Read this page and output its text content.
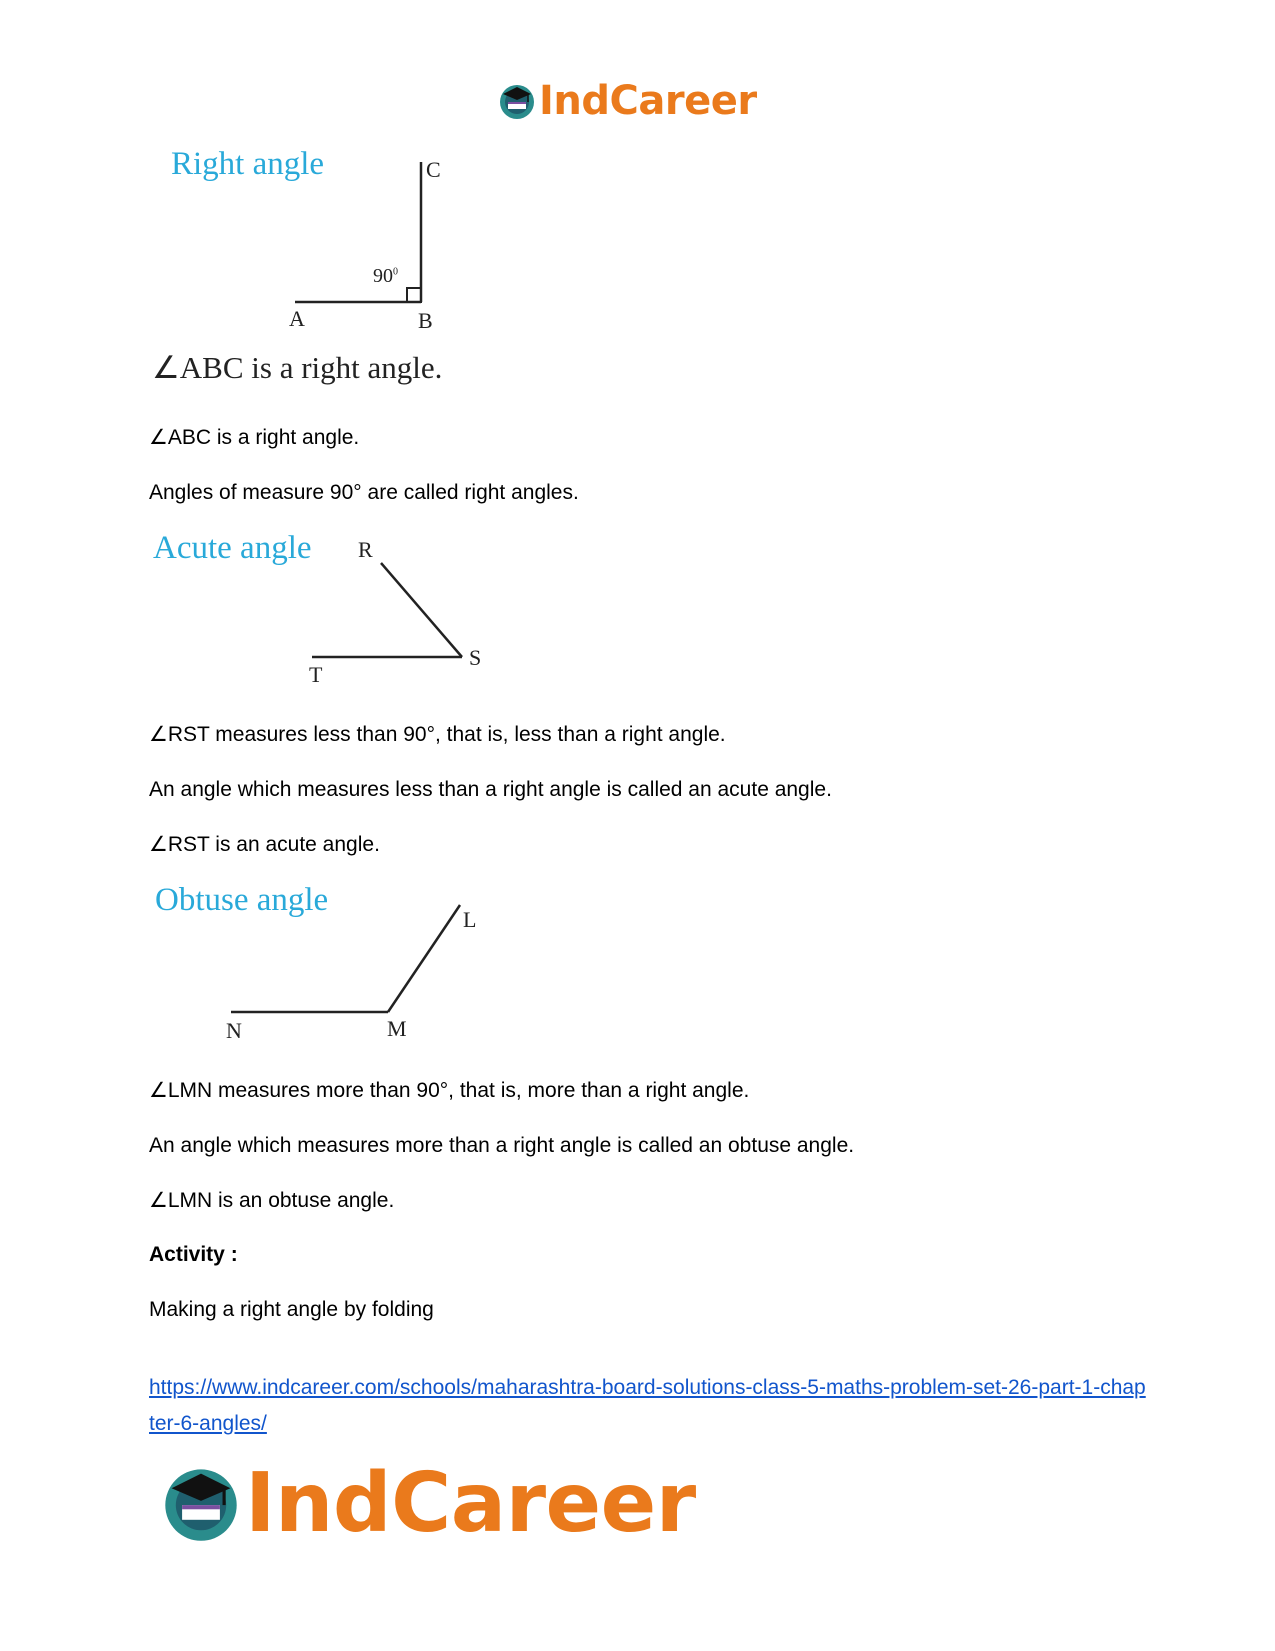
IndCareer
Right angle	C
A	B
$90^0$
∠ABC is a right angle.
∠ABC is a right angle.
Angles of measure 90° are called right angles.
Acute angle R
S
T
∠RST measures less than 90°, that is, less than a right angle.
An angle which measures less than a right angle is called an acute angle.
∠RST is an acute angle.
Obtuse angle
L
M
N
∠LMN measures more than 90°, that is, more than a right angle.
An angle which measures more than a right angle is called an obtuse angle.
∠LMN is an obtuse angle.
Activity :
Making a right angle by folding
https://www.indcareer.com/schools/maharashtra-board-solutions-class-5-maths-problem-set-26-part-1-chapter-6-angles/
IndCareer
